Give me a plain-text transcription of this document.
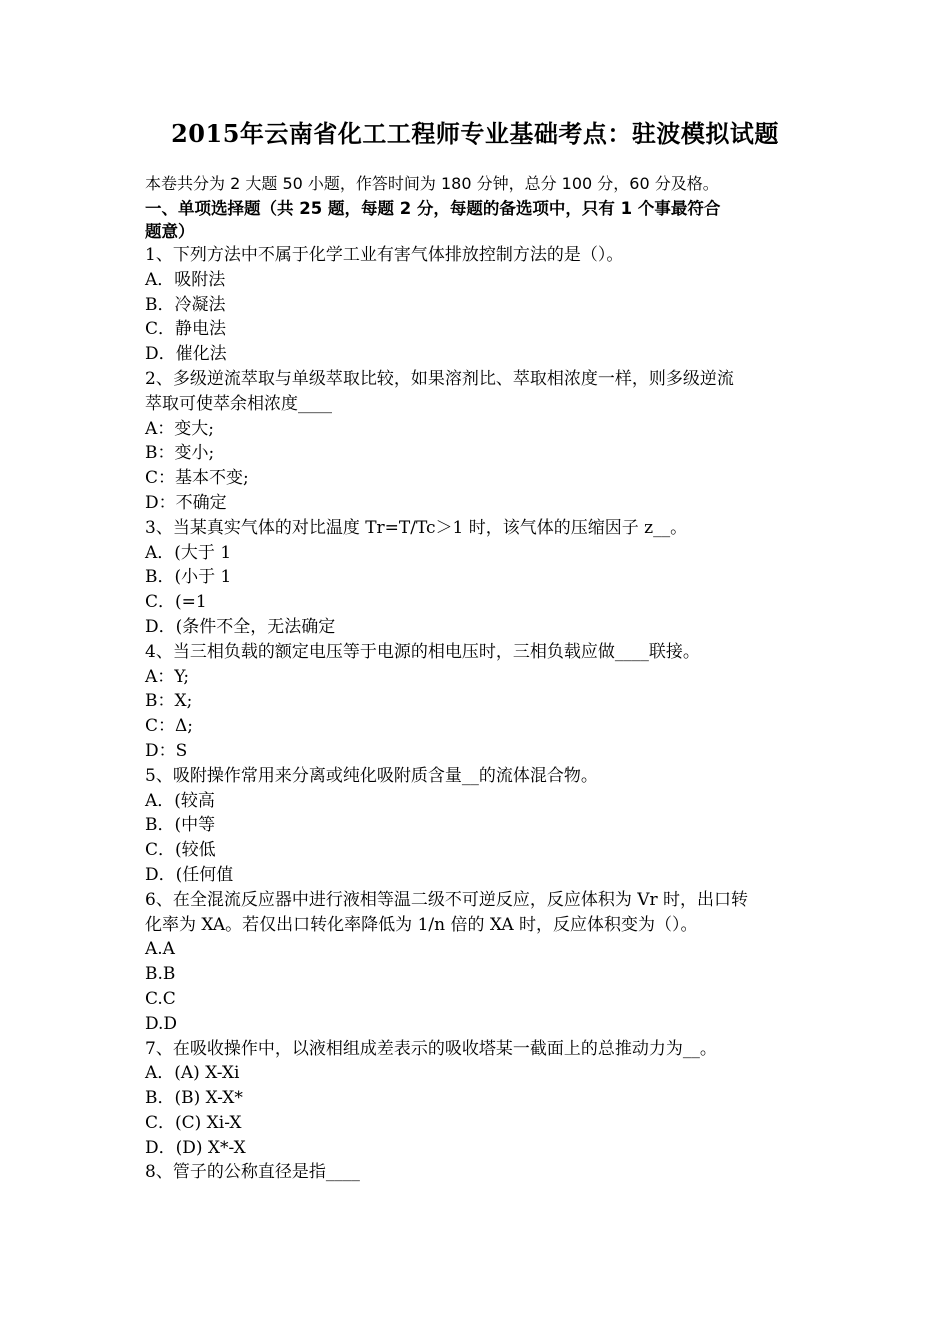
2015年云南省化工工程师专业基础考点：驻波模拟试题
本卷共分为 2 大题 50 小题，作答时间为 180 分钟，总分 100 分，60 分及格。
一、单项选择题（共 25 题，每题 2 分，每题的备选项中，只有 1 个事最符合
题意）
1、下列方法中不属于化学工业有害气体排放控制方法的是（）。
A．吸附法
B．冷凝法
C．静电法
D．催化法
2、多级逆流萃取与单级萃取比较，如果溶剂比、萃取相浓度一样，则多级逆流
萃取可使萃余相浓度____
A：变大;
B：变小;
C：基本不变;
D：不确定
3、当某真实气体的对比温度 Tr=T/Tc＞1 时，该气体的压缩因子 z__。
A．(大于 1
B．(小于 1
C．(=1
D．(条件不全，无法确定
4、当三相负载的额定电压等于电源的相电压时，三相负载应做____联接。
A：Y;
B：X;
C：Δ;
D：S
5、吸附操作常用来分离或纯化吸附质含量__的流体混合物。
A．(较高
B．(中等
C．(较低
D．(任何值
6、在全混流反应器中进行液相等温二级不可逆反应，反应体积为 Vr 时，出口转
化率为 XA。若仅出口转化率降低为 1/n 倍的 XA 时，反应体积变为（）。
A.A
B.B
C.C
D.D
7、在吸收操作中，以液相组成差表示的吸收塔某一截面上的总推动力为__。
A．(A) X-Xi
B．(B) X-X*
C．(C) Xi-X
D．(D) X*-X
8、管子的公称直径是指____
